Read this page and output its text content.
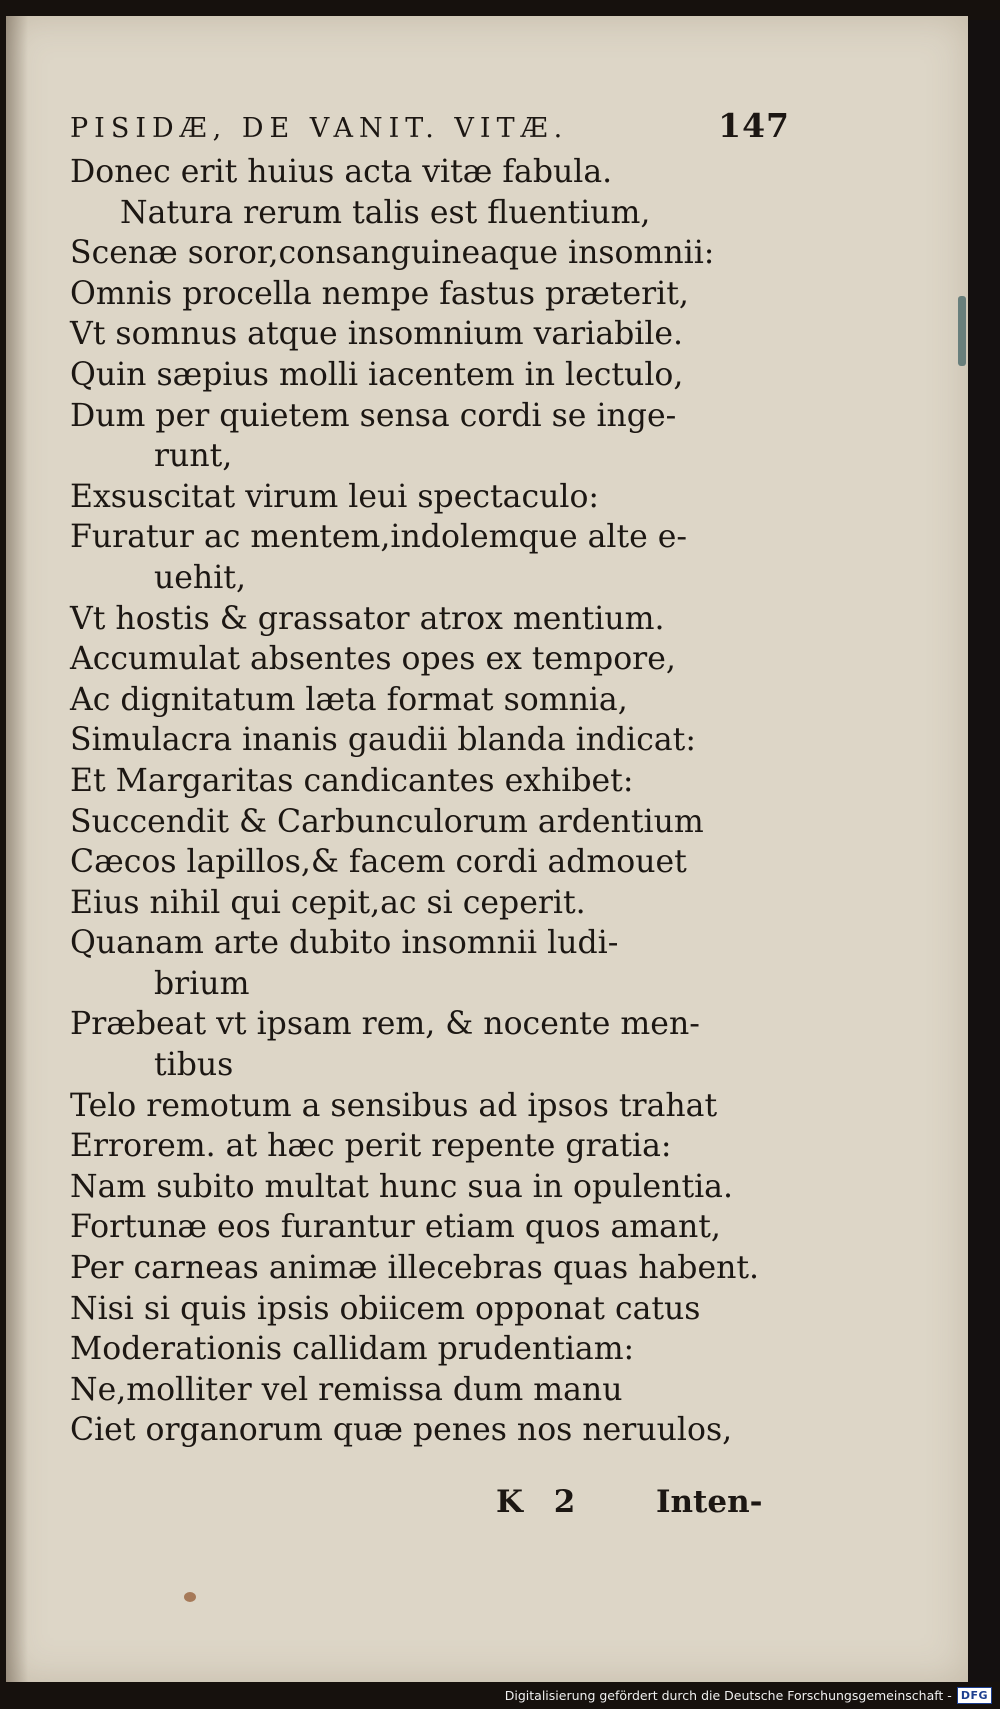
PISIDÆ, DE VANIT. VITÆ.	147
Donec erit huius acta vitæ fabula.
Natura rerum talis est fluentium,
Scenæ soror,consanguineaque insomnii:
Omnis procella nempe fastus præterit,
Vt somnus atque insomnium variabile.
Quin sæpius molli iacentem in lectulo,
Dum per quietem sensa cordi se inge-
runt,
Exsuscitat virum leui spectaculo:
Furatur ac mentem,indolemque alte e-
uehit,
Vt hostis & grassator atrox mentium.
Accumulat absentes opes ex tempore,
Ac dignitatum læta format somnia,
Simulacra inanis gaudii blanda indicat:
Et Margaritas candicantes exhibet:
Succendit & Carbunculorum ardentium
Cæcos lapillos,& facem cordi admouet
Eius nihil qui cepit,ac si ceperit.
Quanam arte dubito insomnii ludi-
brium
Præbeat vt ipsam rem, & nocente men-
tibus
Telo remotum a sensibus ad ipsos trahat
Errorem. at hæc perit repente gratia:
Nam subito multat hunc sua in opulentia.
Fortunæ eos furantur etiam quos amant,
Per carneas animæ illecebras quas habent.
Nisi si quis ipsis obiicem opponat catus
Moderationis callidam prudentiam:
Ne,molliter vel remissa dum manu
Ciet organorum quæ penes nos neruulos,
K 2	Inten-
Digitalisierung gefördert durch die Deutsche Forschungsgemeinschaft - DFG
